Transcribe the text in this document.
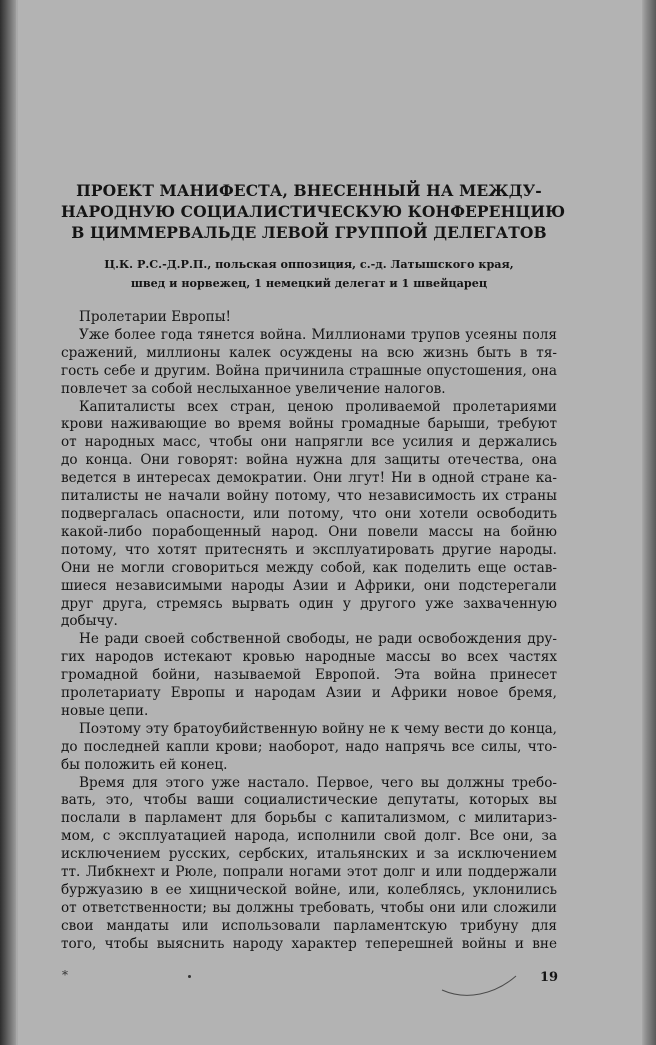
ПРОЕКТ МАНИФЕСТА, ВНЕСЕННЫЙ НА МЕЖДУ-
НАРОДНУЮ СОЦИАЛИСТИЧЕСКУЮ КОНФЕРЕНЦИЮ
В ЦИММЕРВАЛЬДЕ ЛЕВОЙ ГРУППОЙ ДЕЛЕГАТОВ
Ц.К. Р.С.-Д.Р.П., польская оппозиция, с.-д. Латышского края,
швед и норвежец, 1 немецкий делегат и 1 швейцарец
Пролетарии Европы!
Уже более года тянется война. Миллионами трупов усеяны поля
сражений, миллионы калек осуждены на всю жизнь быть в тя-
гость себе и другим. Война причинила страшные опустошения, она
повлечет за собой неслыханное увеличение налогов.
Капиталисты всех стран, ценою проливаемой пролетариями
крови наживающие во время войны громадные барыши, требуют
от народных масс, чтобы они напрягли все усилия и держались
до конца. Они говорят: война нужна для защиты отечества, она
ведется в интересах демократии. Они лгут! Ни в одной стране ка-
питалисты не начали войну потому, что независимость их страны
подвергалась опасности, или потому, что они хотели освободить
какой-либо порабощенный народ. Они повели массы на бойню
потому, что хотят притеснять и эксплуатировать другие народы.
Они не могли сговориться между собой, как поделить еще остав-
шиеся независимыми народы Азии и Африки, они подстерегали
друг друга, стремясь вырвать один у другого уже захваченную
добычу.
Не ради своей собственной свободы, не ради освобождения дру-
гих народов истекают кровью народные массы во всех частях
громадной бойни, называемой Европой. Эта война принесет
пролетариату Европы и народам Азии и Африки новое бремя,
новые цепи.
Поэтому эту братоубийственную войну не к чему вести до конца,
до последней капли крови; наоборот, надо напрячь все силы, что-
бы положить ей конец.
Время для этого уже настало. Первое, чего вы должны требо-
вать, это, чтобы ваши социалистические депутаты, которых вы
послали в парламент для борьбы с капитализмом, с милитариз-
мом, с эксплуатацией народа, исполнили свой долг. Все они, за
исключением русских, сербских, итальянских и за исключением
тт. Либкнехт и Рюле, попрали ногами этот долг и или поддержали
буржуазию в ее хищнической войне, или, колеблясь, уклонились
от ответственности; вы должны требовать, чтобы они или сложили
свои мандаты или использовали парламентскую трибуну для
того, чтобы выяснить народу характер теперешней войны и вне
*	19
